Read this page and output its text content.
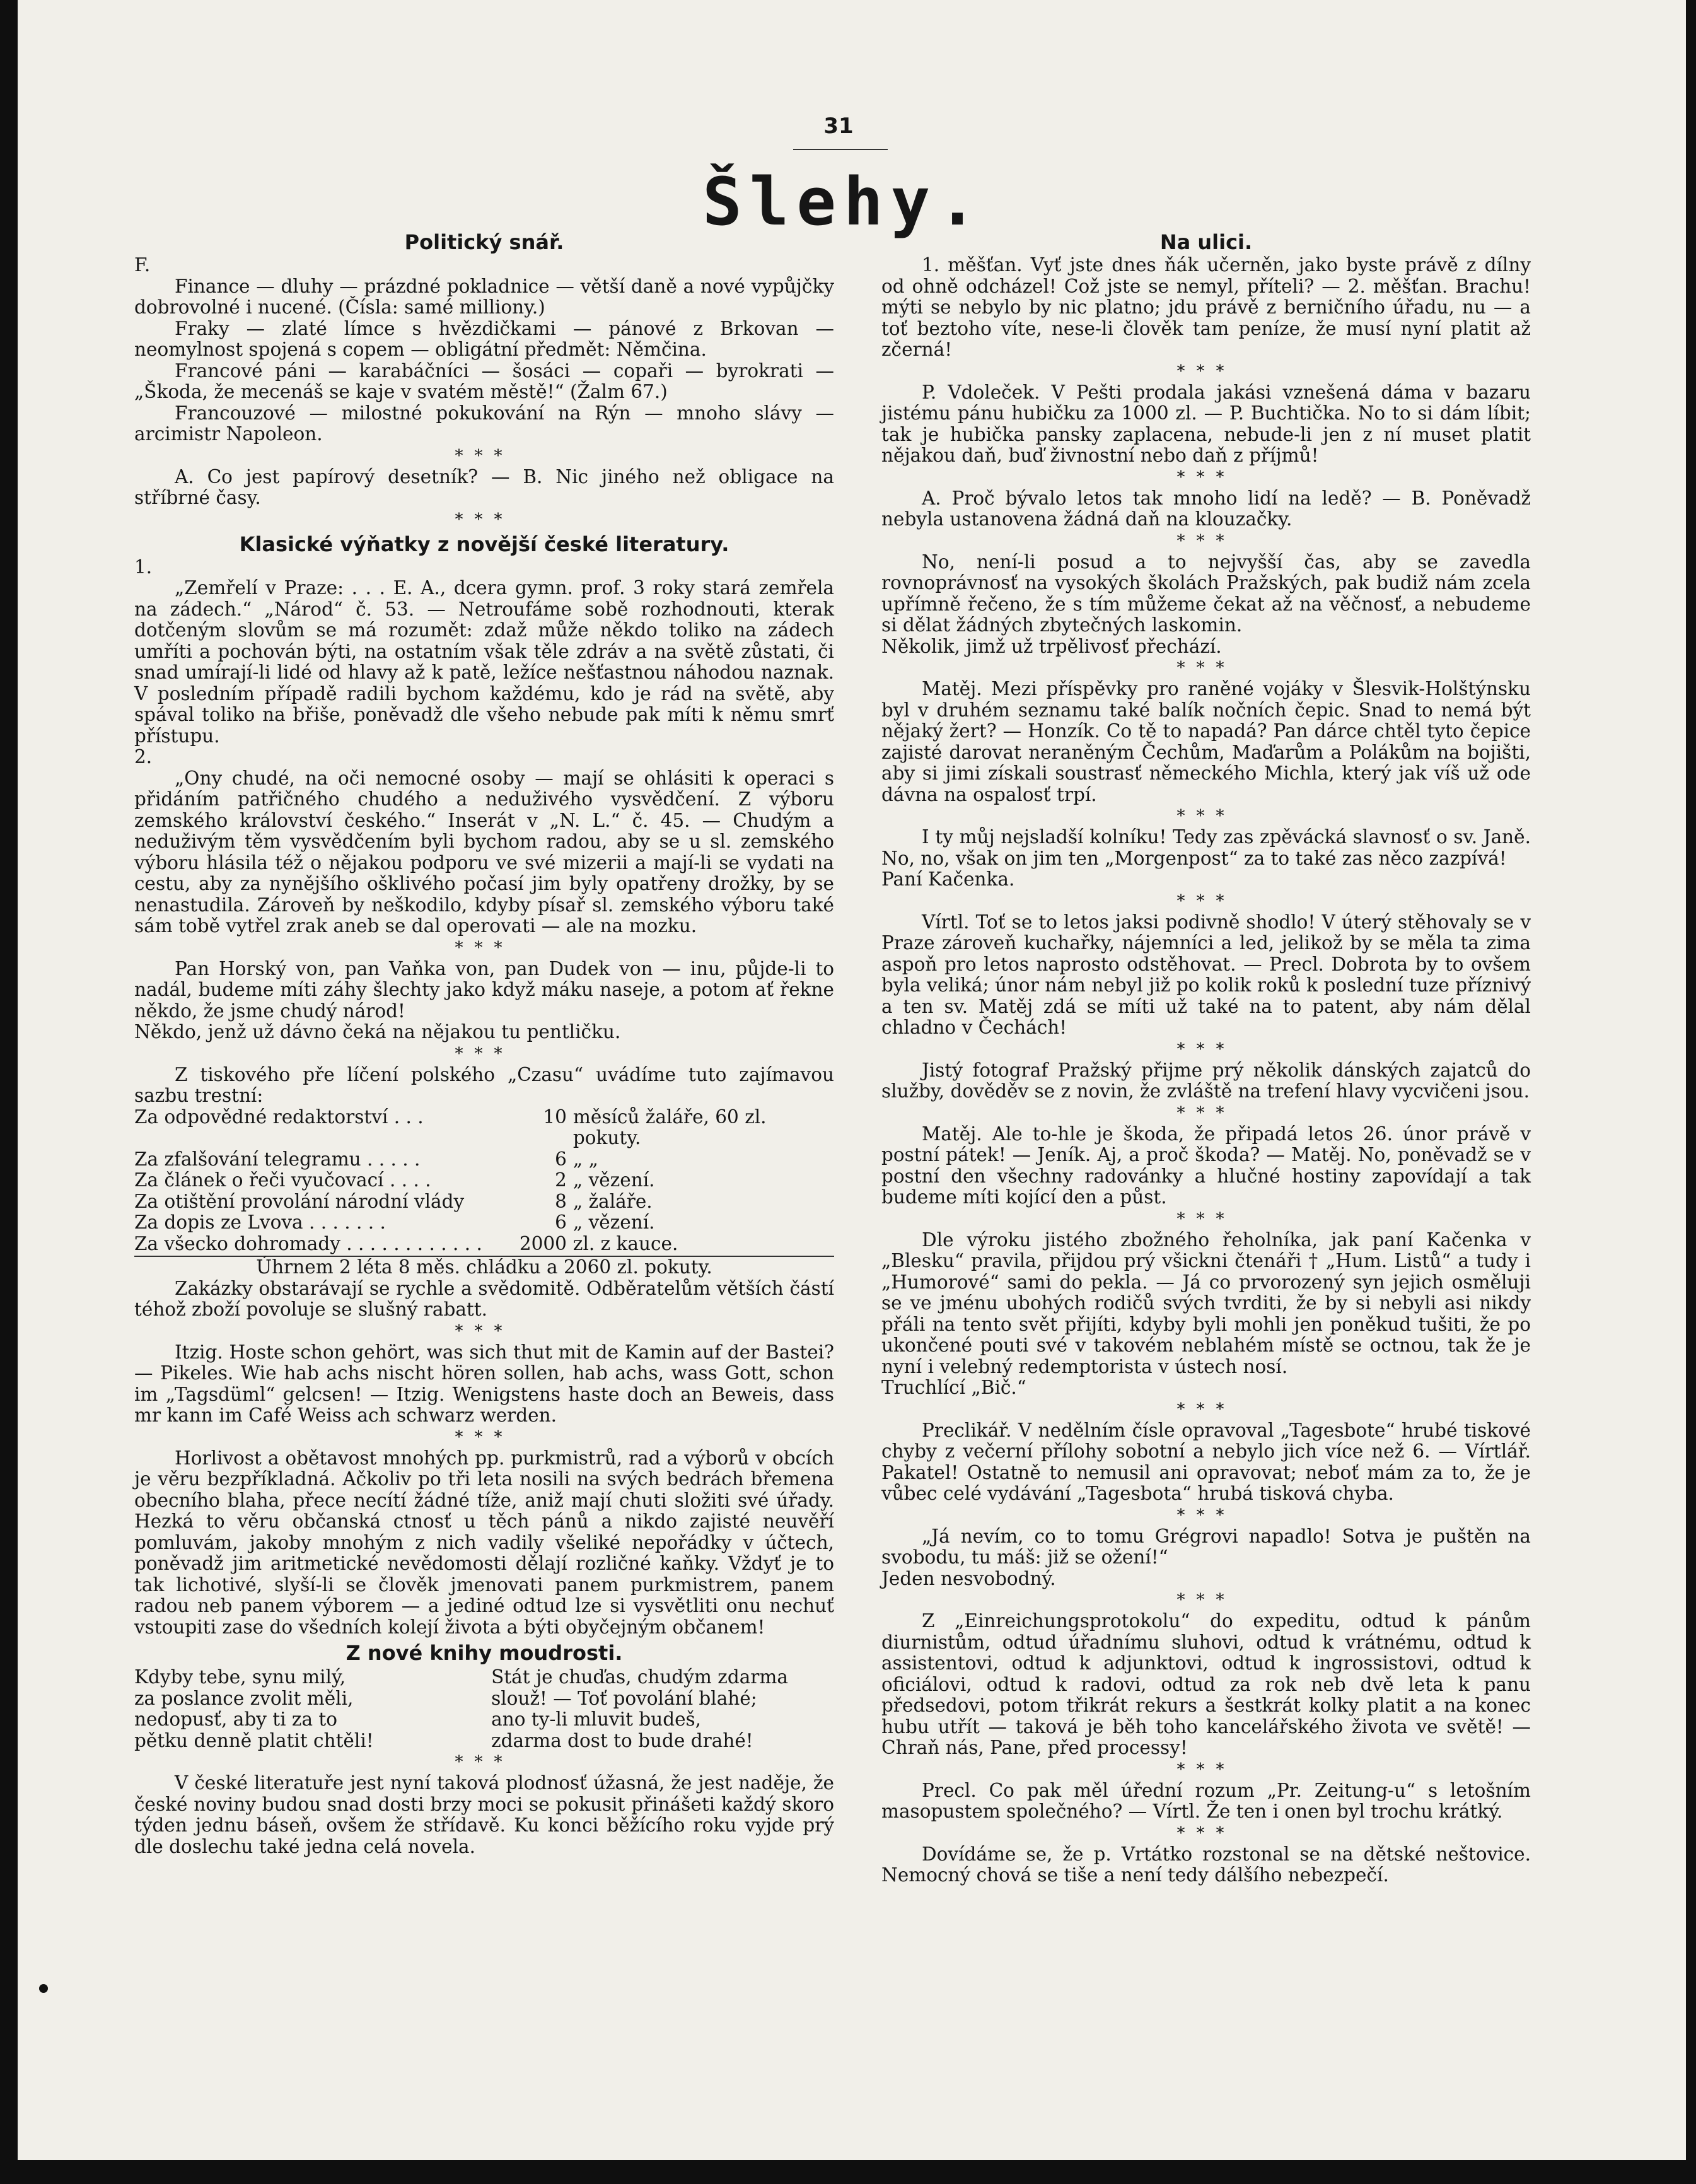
31
Šlehy.
Politický snář.

F.

Finance — dluhy — prázdné pokladnice — větší daně a nové vypůjčky dobrovolné i nucené. (Čísla: samé milliony.)

Fraky — zlaté límce s hvězdičkami — pánové z Brkovan — neomylnost spojená s copem — obligátní předmět: Němčina.

Francové páni — karabáčníci — šosáci — copaři — byrokrati — „Škoda, že mecenáš se kaje v svatém městě!“ (Žalm 67.)

Francouzové — milostné pokukování na Rýn — mnoho slávy — arcimistr Napoleon.

***

A. Co jest papírový desetník? — B. Nic jiného než obligace na stříbrné časy.

***
Klasické výňatky z novější české literatury.

1.

„Zemřelí v Praze: . . . E. A., dcera gymn. prof. 3 roky stará zemřela na zádech.“ „Národ“ č. 53. — Netroufáme sobě rozhodnouti, kterak dotčeným slovům se má rozumět: zdaž může někdo toliko na zádech umříti a pochován býti, na ostatním však těle zdráv a na světě zůstati, či snad umírají-li lidé od hlavy až k patě, ležíce nešťastnou náhodou naznak. V posledním případě radili bychom každému, kdo je rád na světě, aby spával toliko na břiše, poněvadž dle všeho nebude pak míti k němu smrť přístupu.

2.

„Ony chudé, na oči nemocné osoby — mají se ohlásiti k operaci s přidáním patřičného chudého a neduživého vysvědčení. Z výboru zemského království českého.“ Inserát v „N. L.“ č. 45. — Chudým a neduživým těm vysvědčením byli bychom radou, aby se u sl. zemského výboru hlásila též o nějakou podporu ve své mizerii a mají-li se vydati na cestu, aby za nynějšího ošklivého počasí jim byly opatřeny drožky, by se nenastudila. Zároveň by neškodilo, kdyby písař sl. zemského výboru také sám tobě vytřel zrak aneb se dal operovati — ale na mozku.

***

Pan Horský von, pan Vaňka von, pan Dudek von — inu, půjde-li to nadál, budeme míti záhy šlechty jako když máku naseje, a potom ať řekne někdo, že jsme chudý národ!

Někdo, jenž už dávno čeká na nějakou tu pentličku.

***

Z tiskového pře líčení polského „Czasu“ uvádíme tuto zajímavou sazbu trestní:

Za odpovědné redaktorství . . .	10	měsíců žaláře, 60 zl. pokuty.
Za zfalšování telegramu . . . . .	6	„ „
Za článek o řeči vyučovací . . . .	2	„ vězení.
Za otištění provolání národní vlády	8	„ žaláře.
Za dopis ze Lvova . . . . . . .	6	„ vězení.
Za všecko dohromady . . . . . . . . . . . .	2000	zl. z kauce.
Úhrnem 2 léta 8 měs. chládku a 2060 zl. pokuty.

Zakázky obstarávají se rychle a svědomitě. Odběratelům větších částí téhož zboží povoluje se slušný rabatt.

***

Itzig. Hoste schon gehört, was sich thut mit de Kamin auf der Bastei? — Pikeles. Wie hab achs nischt hören sollen, hab achs, wass Gott, schon im „Tagsdüml“ gelcsen! — Itzig. Wenigstens haste doch an Beweis, dass mr kann im Café Weiss ach schwarz werden.

***

Horlivost a obětavost mnohých pp. purkmistrů, rad a výborů v obcích je věru bezpříkladná. Ačkoliv po tři leta nosili na svých bedrách břemena obecního blaha, přece necítí žádné tíže, aniž mají chuti složiti své úřady. Hezká to věru občanská ctnosť u těch pánů a nikdo zajisté neuvěří pomluvám, jakoby mnohým z nich vadily všeliké nepořádky v účtech, poněvadž jim aritmetické nevědomosti dělají rozličné kaňky. Vždyť je to tak lichotivé, slyší-li se člověk jmenovati panem purkmistrem, panem radou neb panem výborem — a jediné odtud lze si vysvětliti onu nechuť vstoupiti zase do všedních kolejí života a býti obyčejným občanem!

Z nové knihy moudrosti.
Kdyby tebe, synu milý,
za poslance zvolit měli,
nedopusť, aby ti za to
pětku denně platit chtěli!
Stát je chuďas, chudým zdarma
slouž! — Toť povolání blahé;
ano ty-li mluvit budeš,
zdarma dost to bude drahé!
***

V české literatuře jest nyní taková plodnosť úžasná, že jest naděje, že české noviny budou snad dosti brzy moci se pokusit přinášeti každý skoro týden jednu báseň, ovšem že střídavě. Ku konci běžícího roku vyjde prý dle doslechu také jedna celá novela.

Na ulici.

1. měšťan. Vyť jste dnes ňák učerněn, jako byste právě z dílny od ohně odcházel! Což jste se nemyl, příteli? — 2. měšťan. Brachu! mýti se nebylo by nic platno; jdu právě z berničního úřadu, nu — a toť beztoho víte, nese-li člověk tam peníze, že musí nyní platit až zčerná!

***

P. Vdoleček. V Pešti prodala jakási vznešená dáma v bazaru jistému pánu hubičku za 1000 zl. — P. Buchtička. No to si dám líbit; tak je hubička pansky zaplacena, nebude-li jen z ní muset platit nějakou daň, buď živnostní nebo daň z příjmů!

***

A. Proč bývalo letos tak mnoho lidí na ledě? — B. Poněvadž nebyla ustanovena žádná daň na klouzačky.

***

No, není-li posud a to nejvyšší čas, aby se zavedla rovnoprávnosť na vysokých školách Pražských, pak budiž nám zcela upřímně řečeno, že s tím můžeme čekat až na věčnosť, a nebudeme si dělat žádných zbytečných laskomin.

Několik, jimž už trpělivosť přechází.

***

Matěj. Mezi příspěvky pro raněné vojáky v Šlesvik-Holštýnsku byl v druhém seznamu také balík nočních čepic. Snad to nemá být nějaký žert? — Honzík. Co tě to napadá? Pan dárce chtěl tyto čepice zajisté darovat neraněným Čechům, Maďarům a Polákům na bojišti, aby si jimi získali soustrasť německého Michla, který jak víš už ode dávna na ospalosť trpí.

***

I ty můj nejsladší kolníku! Tedy zas zpěvácká slavnosť o sv. Janě. No, no, však on jim ten „Morgenpost“ za to také zas něco zazpívá!

Paní Kačenka.

***

Vírtl. Toť se to letos jaksi podivně shodlo! V úterý stěhovaly se v Praze zároveň kuchařky, nájemníci a led, jelikož by se měla ta zima aspoň pro letos naprosto odstěhovat. — Precl. Dobrota by to ovšem byla veliká; únor nám nebyl již po kolik roků k poslední tuze příznivý a ten sv. Matěj zdá se míti už také na to patent, aby nám dělal chladno v Čechách!

***

Jistý fotograf Pražský přijme prý několik dánských zajatců do služby, dověděv se z novin, že zvláště na trefení hlavy vycvičeni jsou.

***

Matěj. Ale to-hle je škoda, že připadá letos 26. únor právě v postní pátek! — Jeník. Aj, a proč škoda? — Matěj. No, poněvadž se v postní den všechny radovánky a hlučné hostiny zapovídají a tak budeme míti kojící den a půst.

***

Dle výroku jistého zbožného řeholníka, jak paní Kačenka v „Blesku“ pravila, přijdou prý všickni čtenáři † „Hum. Listů“ a tudy i „Humorové“ sami do pekla. — Já co prvorozený syn jejich osměluji se ve jménu ubohých rodičů svých tvrditi, že by si nebyli asi nikdy přáli na tento svět přijíti, kdyby byli mohli jen poněkud tušiti, že po ukončené pouti své v takovém neblahém místě se octnou, tak že je nyní i velebný redemptorista v ústech nosí.

Truchlící „Bič.“

***

Preclikář. V nedělním čísle opravoval „Tagesbote“ hrubé tiskové chyby z večerní přílohy sobotní a nebylo jich více než 6. — Vírtlář. Pakatel! Ostatně to nemusil ani opravovat; neboť mám za to, že je vůbec celé vydávání „Tagesbota“ hrubá tisková chyba.

***

„Já nevím, co to tomu Grégrovi napadlo! Sotva je puštěn na svobodu, tu máš: již se ožení!“

Jeden nesvobodný.

***

Z „Einreichungsprotokolu“ do expeditu, odtud k pánům diurnistům, odtud úřadnímu sluhovi, odtud k vrátnému, odtud k assistentovi, odtud k adjunktovi, odtud k ingrossistovi, odtud k oficiálovi, odtud k radovi, odtud za rok neb dvě leta k panu předsedovi, potom třikrát rekurs a šestkrát kolky platit a na konec hubu utřít — taková je běh toho kancelářského života ve světě! — Chraň nás, Pane, před processy!

***

Precl. Co pak měl úřední rozum „Pr. Zeitung-u“ s letošním masopustem společného? — Vírtl. Že ten i onen byl trochu krátký.

***

Dovídáme se, že p. Vrtátko rozstonal se na dětské neštovice. Nemocný chová se tiše a není tedy dálšího nebezpečí.
